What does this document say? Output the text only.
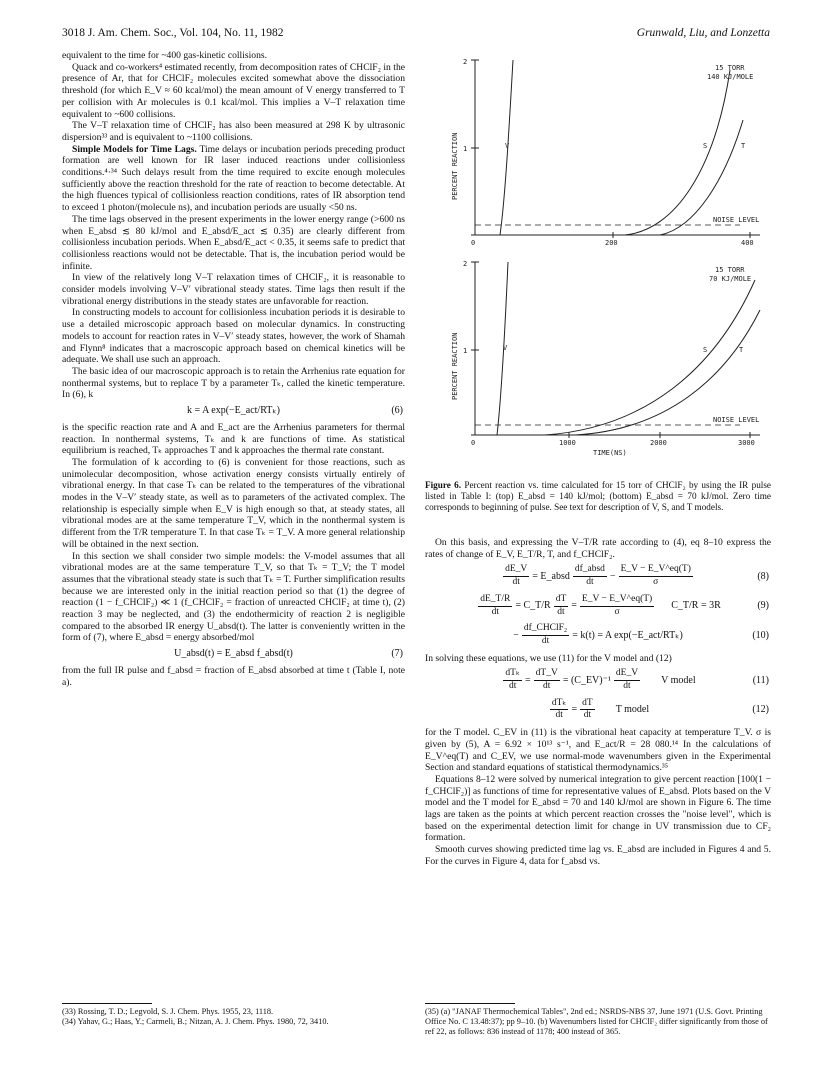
3018 J. Am. Chem. Soc., Vol. 104, No. 11, 1982	Grunwald, Liu, and Lonzetta

equivalent to the time for ~400 gas-kinetic collisions.

Quack and co-workers⁴ estimated recently, from decomposition rates of CHClF₂ in the presence of Ar, that for CHClF₂ molecules excited somewhat above the dissociation threshold (for which E_V ≈ 60 kcal/mol) the mean amount of V energy transferred to T per collision with Ar molecules is 0.1 kcal/mol. This implies a V–T relaxation time equivalent to ~600 collisions.

The V–T relaxation time of CHClF₂ has also been measured at 298 K by ultrasonic dispersion³³ and is equivalent to ~1100 collisions.

Simple Models for Time Lags. Time delays or incubation periods preceding product formation are well known for IR laser induced reactions under collisionless conditions.⁴·³⁴ Such delays result from the time required to excite enough molecules sufficiently above the reaction threshold for the rate of reaction to become detectable. At the high fluences typical of collisionless reaction conditions, rates of IR absorption tend to exceed 1 photon/(molecule ns), and incubation periods are usually <50 ns.

The time lags observed in the present experiments in the lower energy range (>600 ns when E_absd ≲ 80 kJ/mol and E_absd/E_act ≲ 0.35) are clearly different from collisionless incubation periods. When E_absd/E_act < 0.35, it seems safe to predict that collisionless reactions would not be detectable. That is, the incubation period would be infinite.

In view of the relatively long V–T relaxation times of CHClF₂, it is reasonable to consider models involving V–V′ vibrational steady states. Time lags then result if the vibrational energy distributions in the steady states are unfavorable for reaction.

In constructing models to account for collisionless incubation periods it is desirable to use a detailed microscopic approach based on molecular dynamics. In constructing models to account for reaction rates in V–V′ steady states, however, the work of Shamah and Flynn⁸ indicates that a macroscopic approach based on chemical kinetics will be adequate. We shall use such an approach.

The basic idea of our macroscopic approach is to retain the Arrhenius rate equation for nonthermal systems, but to replace T by a parameter Tₖ, called the kinetic temperature. In (6), k

k = A exp(−E_act/RTₖ)	(6)

is the specific reaction rate and A and E_act are the Arrhenius parameters for thermal reaction. In nonthermal systems, Tₖ and k are functions of time. As statistical equilibrium is reached, Tₖ approaches T and k approaches the thermal rate constant.

The formulation of k according to (6) is convenient for those reactions, such as unimolecular decomposition, whose activation energy consists virtually entirely of vibrational energy. In that case Tₖ can be related to the temperatures of the vibrational modes in the V–V′ steady state, as well as to parameters of the activated complex. The relationship is especially simple when E_V is high enough so that, at steady states, all vibrational modes are at the same temperature T_V, which in the nonthermal system is different from the T/R temperature T. In that case Tₖ = T_V. A more general relationship will be obtained in the next section.

In this section we shall consider two simple models: the V-model assumes that all vibrational modes are at the same temperature T_V, so that Tₖ = T_V; the T model assumes that the vibrational steady state is such that Tₖ = T. Further simplification results because we are interested only in the initial reaction period so that (1) the degree of reaction (1 − f_CHClF₂) ≪ 1 (f_CHClF₂ = fraction of unreacted CHClF₂ at time t), (2) reaction 3 may be neglected, and (3) the endothermicity of reaction 2 is negligible compared to the absorbed IR energy U_absd(t). The latter is conveniently written in the form of (7), where E_absd = energy absorbed/mol

U_absd(t) = E_absd f_absd(t)	(7)

from the full IR pulse and f_absd = fraction of E_absd absorbed at time t (Table I, note a).

(33) Rossing, T. D.; Legvold, S. J. Chem. Phys. 1955, 23, 1118.
(34) Yahav, G.; Haas, Y.; Carmeli, B.; Nitzan, A. J. Chem. Phys. 1980, 72, 3410.
2
1
0	200	400
PERCENT REACTION
15 TORR
140 KJ/MOLE
NOISE LEVEL
V	S	T
2
1
0	1000	2000	3000
TIME(NS)
PERCENT REACTION
15 TORR
70 KJ/MOLE
NOISE LEVEL
V	S	T
Figure 6. Percent reaction vs. time calculated for 15 torr of CHClF₂ by using the IR pulse listed in Table I: (top) E_absd = 140 kJ/mol; (bottom) E_absd = 70 kJ/mol. Zero time corresponds to beginning of pulse. See text for description of V, S, and T models.

On this basis, and expressing the V–T/R rate according to (4), eq 8–10 express the rates of change of E_V, E_T/R, T, and f_CHClF₂.

$\frac{dE\_V}{dt}$ = E_absd $\frac{\text{df\_absd}}{dt} - \frac{E\_V - E\_V\^{}eq(T)}{\sigma}$	(8)
$\frac{dE\_T/R}{dt}$ = C_T/R $\frac{dT}{dt} = \frac{E\_V - E\_V\^{}eq(T)}{\sigma}$ C_T/R = 3R	(9)
− $\frac{\text{df\_CHClF₂}}{dt} = k(t) = A$ exp(−E_act/RTₖ)	(10)

In solving these equations, we use (11) for the V model and (12)

$\frac{\text{dTₖ}}{dt} = \frac{dT\_V}{dt}$ = (C_EV)⁻¹ $\frac{dE\_V}{dt}$ V model	(11)
$\frac{\text{dTₖ}}{dt} = \frac{dT}{dt}$ T model	(12)

for the T model. C_EV in (11) is the vibrational heat capacity at temperature T_V. σ is given by (5), A = 6.92 × 10¹³ s⁻¹, and E_act/R = 28 080.¹⁴ In the calculations of E_V^eq(T) and C_EV, we use normal-mode wavenumbers given in the Experimental Section and standard equations of statistical thermodynamics.³⁵

Equations 8–12 were solved by numerical integration to give percent reaction [100(1 − f_CHClF₂)] as functions of time for representative values of E_absd. Plots based on the V model and the T model for E_absd = 70 and 140 kJ/mol are shown in Figure 6. The time lags are taken as the points at which percent reaction crosses the "noise level", which is based on the experimental detection limit for change in UV transmission due to CF₂ formation.

Smooth curves showing predicted time lag vs. E_absd are included in Figures 4 and 5. For the curves in Figure 4, data for f_absd vs.

(35) (a) "JANAF Thermochemical Tables", 2nd ed.; NSRDS-NBS 37, June 1971 (U.S. Govt. Printing Office No. C 13.48:37); pp 9–10. (b) Wavenumbers listed for CHClF₂ differ significantly from those of ref 22, as follows: 836 instead of 1178; 400 instead of 365.
